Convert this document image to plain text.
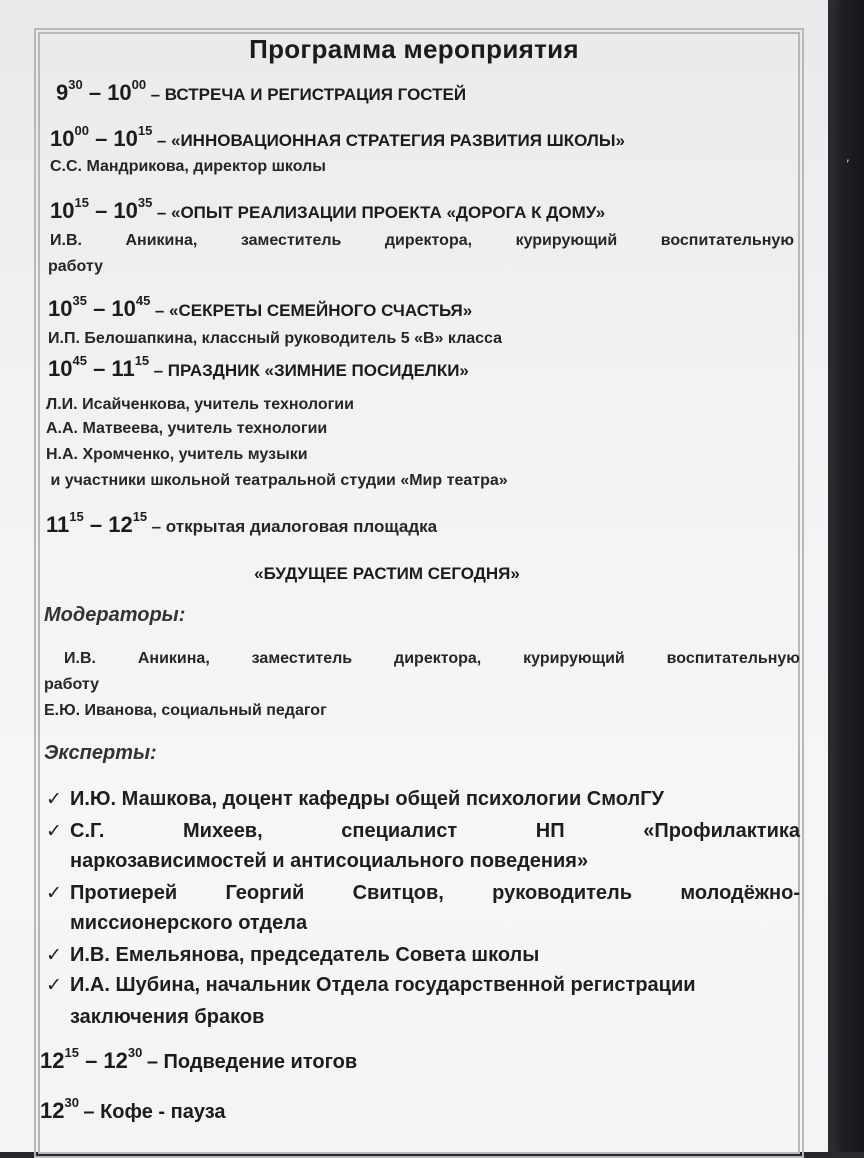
,
Программа мероприятия
$9^{30} - 10^{00}$ – ВСТРЕЧА И РЕГИСТРАЦИЯ ГОСТЕЙ
$10^{00} - 10^{15}$ – «ИННОВАЦИОННАЯ СТРАТЕГИЯ РАЗВИТИЯ ШКОЛЫ»
С.С. Мандрикова, директор школы
$10^{15} - 10^{35}$ – «ОПЫТ РЕАЛИЗАЦИИ ПРОЕКТА «ДОРОГА К ДОМУ»
И.В.	Аникина,	заместитель	директора,	курирующий	воспитательную
работу
$10^{35} - 10^{45}$ – «СЕКРЕТЫ СЕМЕЙНОГО СЧАСТЬЯ»
И.П. Белошапкина, классный руководитель 5 «В» класса
$10^{45} - 11^{15}$ – ПРАЗДНИК «ЗИМНИЕ ПОСИДЕЛКИ»
Л.И. Исайченкова, учитель технологии
А.А. Матвеева, учитель технологии
Н.А. Хромченко, учитель музыки
и участники школьной театральной студии «Мир театра»
$11^{15} - 12^{15}$ – открытая диалоговая площадка
«БУДУЩЕЕ РАСТИМ СЕГОДНЯ»
Модераторы:
И.В.	Аникина,	заместитель	директора,	курирующий	воспитательную
работу
Е.Ю. Иванова, социальный педагог
Эксперты:
✓ И.Ю. Машкова, доцент кафедры общей психологии СмолГУ
✓ С.Г.	Михеев,	специалист	НП	«Профилактика
наркозависимостей и антисоциального поведения»
✓ Протиерей Георгий Свитцов, руководитель молодёжно-
миссионерского отдела
✓ И.В. Емельянова, председатель Совета школы
✓ И.А. Шубина, начальник Отдела государственной регистрации
заключения браков
$12^{15} - 12^{30}$ – Подведение итогов
$12^{30}$ – Кофе - пауза
